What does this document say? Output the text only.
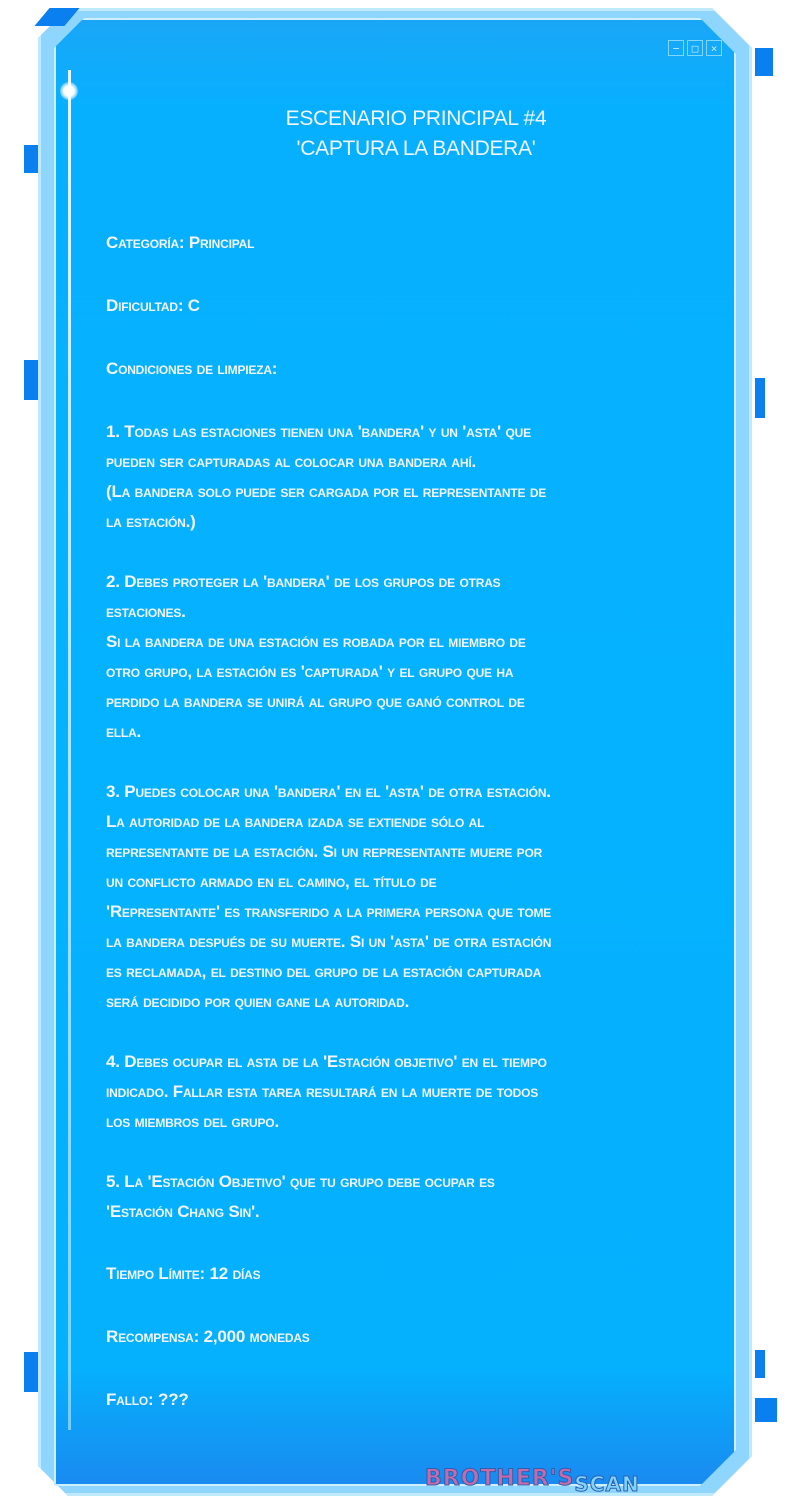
−	□	×
ESCENARIO PRINCIPAL #4
'CAPTURA LA BANDERA'
Categoría: Principal
Dificultad: C
Condiciones de limpieza:
1. Todas las estaciones tienen una 'bandera' y un 'asta' que
pueden ser capturadas al colocar una bandera ahí.
(La bandera solo puede ser cargada por el representante de
la estación.)
2. Debes proteger la 'bandera' de los grupos de otras
estaciones.
Si la bandera de una estación es robada por el miembro de
otro grupo, la estación es 'capturada' y el grupo que ha
perdido la bandera se unirá al grupo que ganó control de
ella.
3. Puedes colocar una 'bandera' en el 'asta' de otra estación.
La autoridad de la bandera izada se extiende sólo al
representante de la estación. Si un representante muere por
un conflicto armado en el camino, el título de
'Representante' es transferido a la primera persona que tome
la bandera después de su muerte. Si un 'asta' de otra estación
es reclamada, el destino del grupo de la estación capturada
será decidido por quien gane la autoridad.
4. Debes ocupar el asta de la 'Estación objetivo' en el tiempo
indicado. Fallar esta tarea resultará en la muerte de todos
los miembros del grupo.
5. La 'Estación Objetivo' que tu grupo debe ocupar es
'Estación Chang Sin'.
Tiempo Límite: 12 días
Recompensa: 2,000 monedas
Fallo: ???
BROTHER'SSCAN
